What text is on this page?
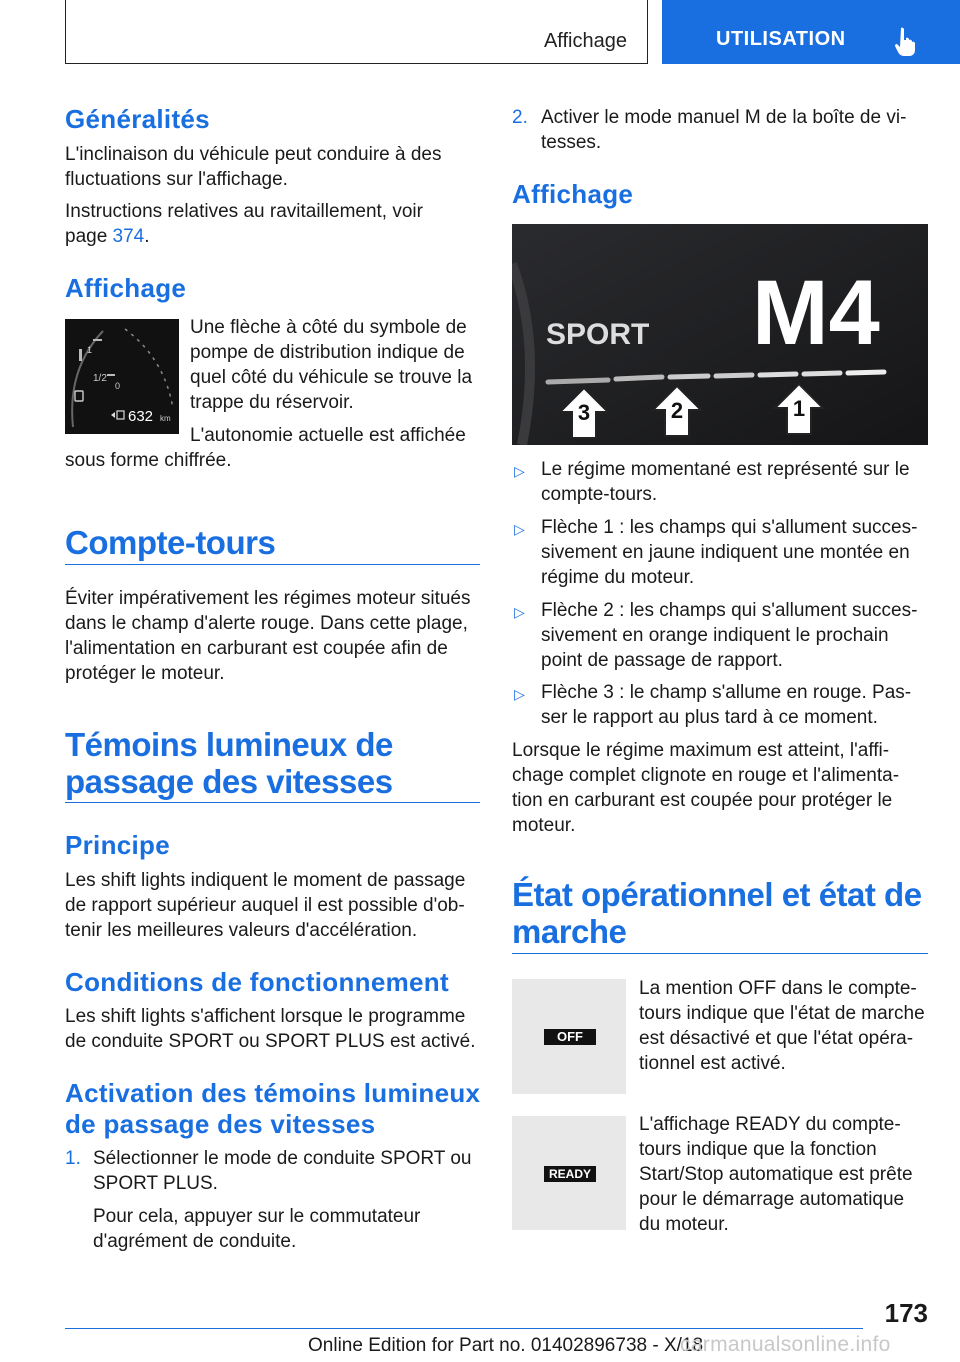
Affichage	UTILISATION
Généralités
L'inclinaison du véhicule peut conduire à des
fluctuations sur l'affichage.
Instructions relatives au ravitaillement, voir
page 374.
Affichage
1
1/2
0
632 km
Une flèche à côté du symbole de
pompe de distribution indique de
quel côté du véhicule se trouve la
trappe du réservoir.
L'autonomie actuelle est affichée
sous forme chiffrée.
Compte-tours
Éviter impérativement les régimes moteur situés
dans le champ d'alerte rouge. Dans cette plage,
l'alimentation en carburant est coupée afin de
protéger le moteur.
Témoins lumineux de
passage des vitesses
Principe
Les shift lights indiquent le moment de passage
de rapport supérieur auquel il est possible d'ob-
tenir les meilleures valeurs d'accélération.
Conditions de fonctionnement
Les shift lights s'affichent lorsque le programme
de conduite SPORT ou SPORT PLUS est activé.
Activation des témoins lumineux
de passage des vitesses
1. Sélectionner le mode de conduite SPORT ou
SPORT PLUS.
Pour cela, appuyer sur le commutateur
d'agrément de conduite.
2. Activer le mode manuel M de la boîte de vi-
tesses.
Affichage
SPORT M4
3	2	1
▷ Le régime momentané est représenté sur le
compte-tours.
▷ Flèche 1 : les champs qui s'allument succes-
sivement en jaune indiquent une montée en
régime du moteur.
▷ Flèche 2 : les champs qui s'allument succes-
sivement en orange indiquent le prochain
point de passage de rapport.
▷ Flèche 3 : le champ s'allume en rouge. Pas-
ser le rapport au plus tard à ce moment.
Lorsque le régime maximum est atteint, l'affi-
chage complet clignote en rouge et l'alimenta-
tion en carburant est coupée pour protéger le
moteur.
État opérationnel et état de
marche
OFF
La mention OFF dans le compte-
tours indique que l'état de marche
est désactivé et que l'état opéra-
tionnel est activé.
READY
L'affichage READY du compte-
tours indique que la fonction
Start/Stop automatique est prête
pour le démarrage automatique
du moteur.
173
Online Edition for Part no. 01402896738 - X/18
carmanualsonline.info
